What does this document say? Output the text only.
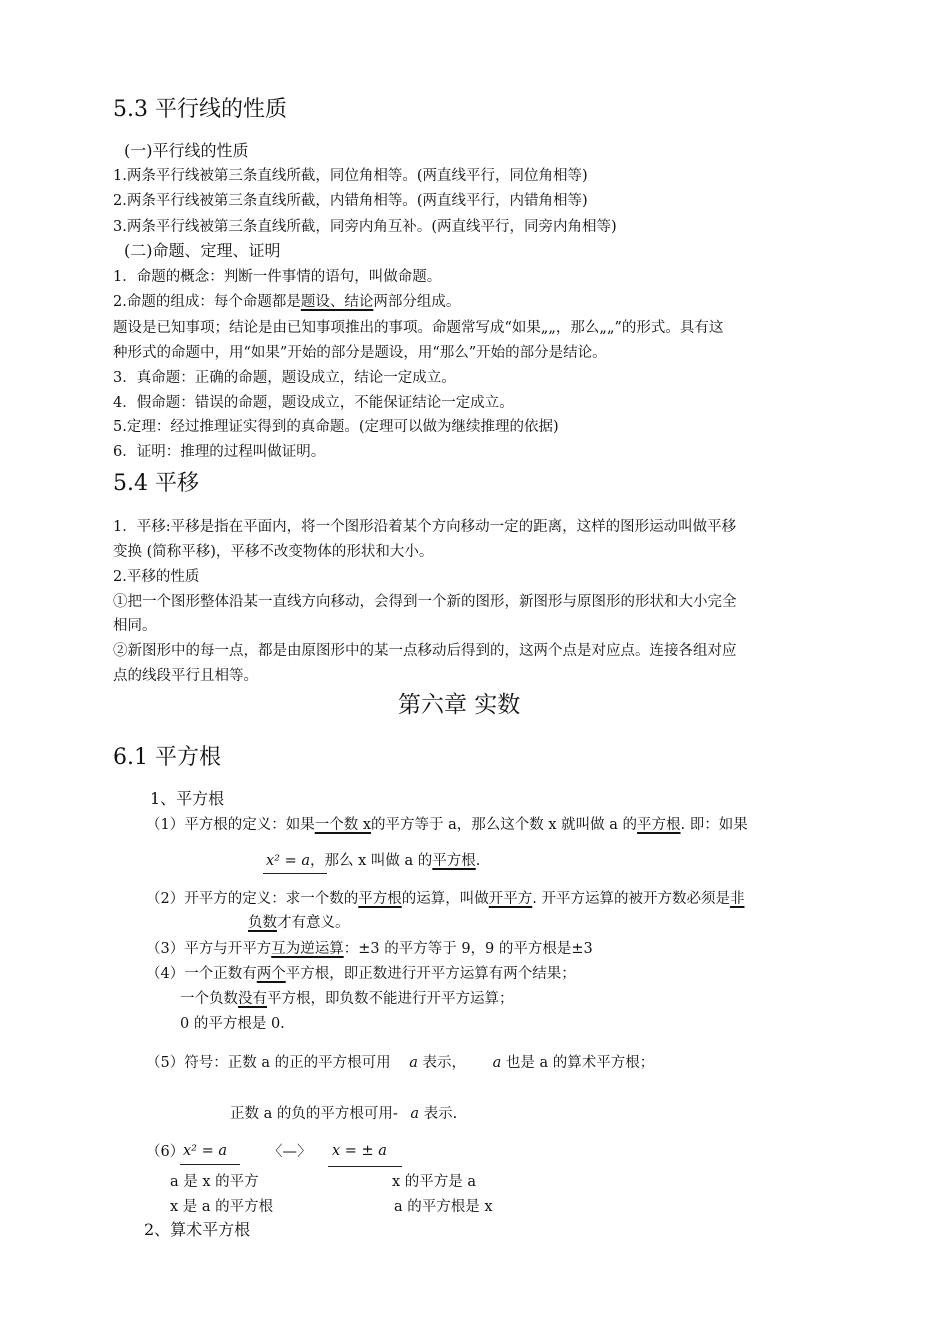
5.3 平行线的性质
(一)平行线的性质
1.两条平行线被第三条直线所截，同位角相等。(两直线平行，同位角相等)
2.两条平行线被第三条直线所截，内错角相等。(两直线平行，内错角相等)
3.两条平行线被第三条直线所截，同旁内角互补。(两直线平行，同旁内角相等)
(二)命题、定理、证明
1．命题的概念：判断一件事情的语句，叫做命题。
2.命题的组成：每个命题都是题设、结论两部分组成。
题设是已知事项；结论是由已知事项推出的事项。命题常写成“如果„„，那么„„”的形式。具有这
种形式的命题中，用“如果”开始的部分是题设，用“那么”开始的部分是结论。
3．真命题：正确的命题，题设成立，结论一定成立。
4．假命题：错误的命题，题设成立，不能保证结论一定成立。
5.定理：经过推理证实得到的真命题。(定理可以做为继续推理的依据)
6．证明：推理的过程叫做证明。
5.4 平移
1．平移:平移是指在平面内，将一个图形沿着某个方向移动一定的距离，这样的图形运动叫做平移
变换 (简称平移)，平移不改变物体的形状和大小。
2.平移的性质
①把一个图形整体沿某一直线方向移动，会得到一个新的图形，新图形与原图形的形状和大小完全
相同。
②新图形中的每一点，都是由原图形中的某一点移动后得到的，这两个点是对应点。连接各组对应
点的线段平行且相等。
第六章 实数
6.1 平方根
1、平方根
（1）平方根的定义：如果一个数 x的平方等于 a，那么这个数 x 就叫做 a 的平方根. 即：如果
x² = a，那么 x 叫做 a 的平方根.
（2）开平方的定义：求一个数的平方根的运算，叫做开平方. 开平方运算的被开方数必须是非
负数才有意义。
（3）平方与开平方互为逆运算：±3 的平方等于 9，9 的平方根是±3
（4）一个正数有两个平方根，即正数进行开平方运算有两个结果；
一个负数没有平方根，即负数不能进行开平方运算；
0 的平方根是 0.
（5）符号：正数 a 的正的平方根可用 a 表示， a 也是 a 的算术平方根；
正数 a 的负的平方根可用- a 表示.
（6）
x² = a	〈—〉 x = ± a
a 是 x 的平方	x 的平方是 a
x 是 a 的平方根	a 的平方根是 x
2、算术平方根
